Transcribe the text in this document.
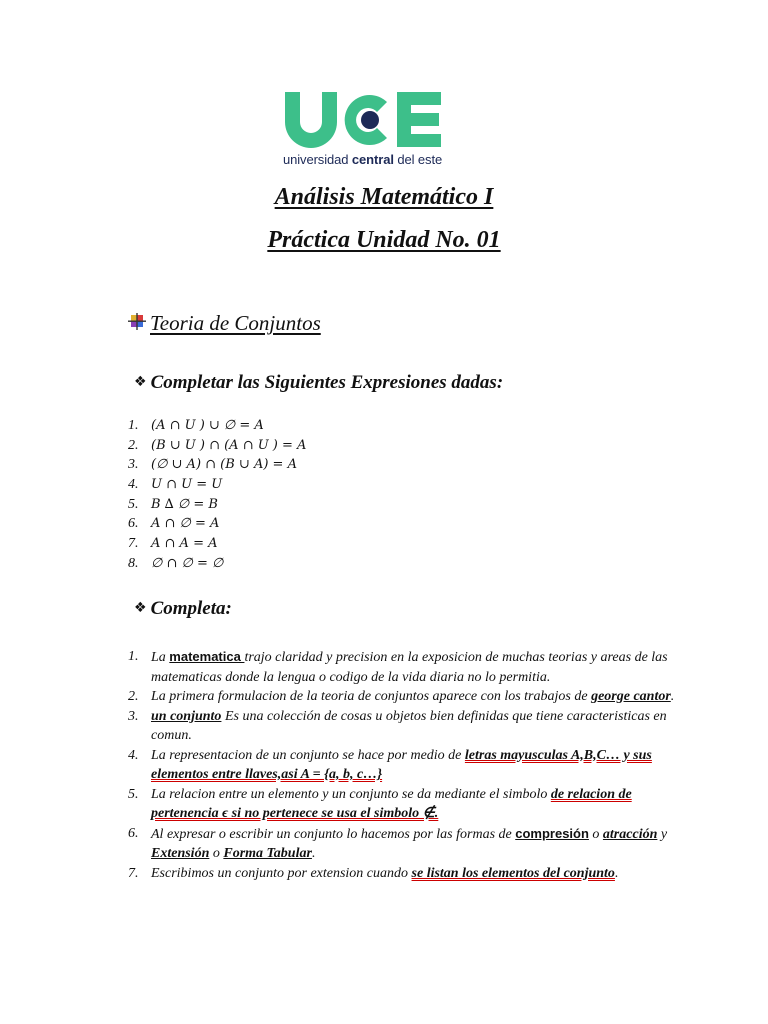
universidad central del este
Análisis Matemático I
Práctica Unidad No. 01
Teoria de Conjuntos
❖ Completar las Siguientes Expresiones dadas:
1. (A ∩ U ) ∪ ∅ = A
2. (B ∪ U ) ∩ (A ∩ U ) = A
3. (∅ ∪ A) ∩ (B ∪ A) = A
4. U ∩ U = U
5. B ∆ ∅ = B
6. A ∩ ∅ = A
7. A ∩ A = A
8. ∅ ∩ ∅ = ∅
❖ Completa:
1. La matematica trajo claridad y precision en la exposicion de muchas teorias y areas de las matematicas donde la lengua o codigo de la vida diaria no lo permitia.
2. La primera formulacion de la teoria de conjuntos aparece con los trabajos de george cantor.
3. un conjunto Es una colección de cosas u objetos bien definidas que tiene caracteristicas en comun.
4. La representacion de un conjunto se hace por medio de letras mayusculas A,B,C… y sus elementos entre llaves,asi A = {a, b, c…}
5. La relacion entre un elemento y un conjunto se da mediante el simbolo de relacion de pertenencia ϵ si no pertenece se usa el simbolo ∉.
6. Al expresar o escribir un conjunto lo hacemos por las formas de compresión o atracción y Extensión o Forma Tabular.
7. Escribimos un conjunto por extension cuando se listan los elementos del conjunto.
